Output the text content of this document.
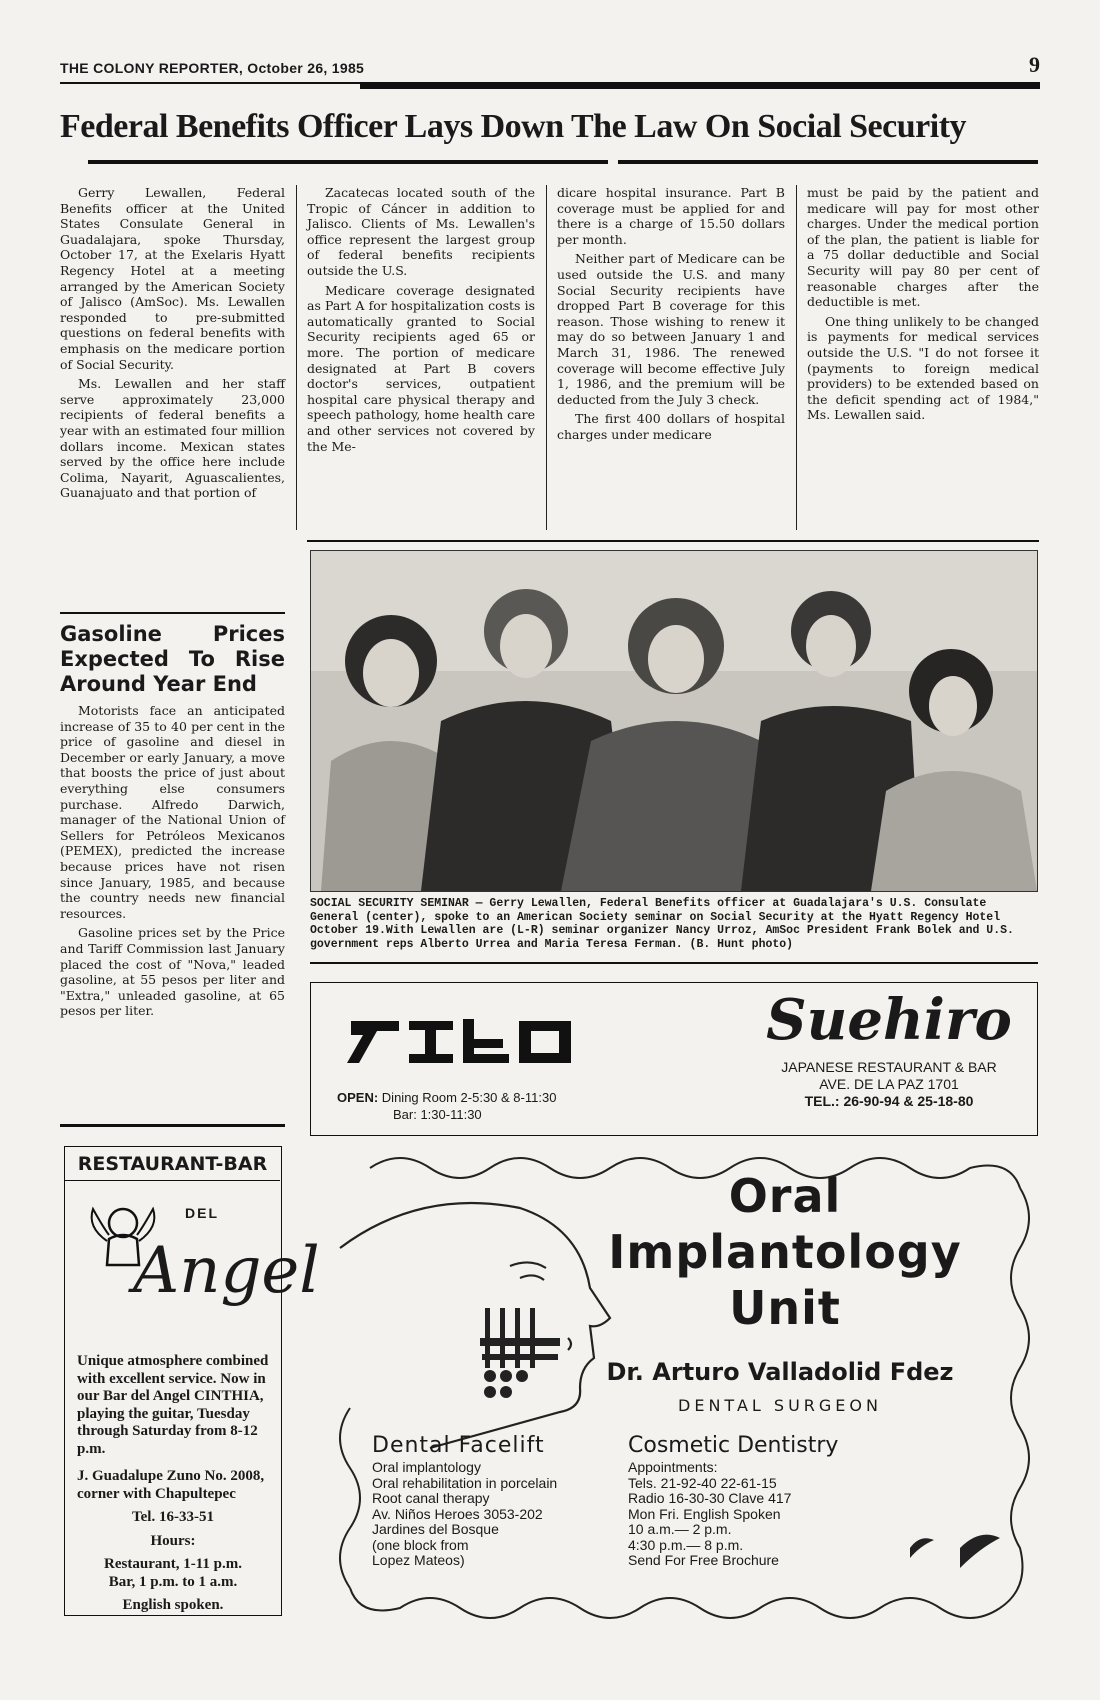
THE COLONY REPORTER, October 26, 1985	9
Federal Benefits Officer Lays Down The Law On Social Security

Gerry Lewallen, Federal Benefits officer at the United States Consulate General in Guadalajara, spoke Thursday, October 17, at the Exelaris Hyatt Regency Hotel at a meeting arranged by the American Society of Jalisco (AmSoc). Ms. Lewallen responded to pre-submitted questions on federal benefits with emphasis on the medicare portion of Social Security.

Ms. Lewallen and her staff serve approximately 23,000 recipients of federal benefits a year with an estimated four million dollars income. Mexican states served by the office here include Colima, Nayarit, Aguascalientes, Guanajuato and that portion of

Zacatecas located south of the Tropic of Cáncer in addition to Jalisco. Clients of Ms. Lewallen's office represent the largest group of federal benefits recipients outside the U.S.

Medicare coverage designated as Part A for hospitalization costs is automatically granted to Social Security recipients aged 65 or more. The portion of medicare designated at Part B covers doctor's services, outpatient hospital care physical therapy and speech pathology, home health care and other services not covered by the Me-

dicare hospital insurance. Part B coverage must be applied for and there is a charge of 15.50 dollars per month.

Neither part of Medicare can be used outside the U.S. and many Social Security recipients have dropped Part B coverage for this reason. Those wishing to renew it may do so between January 1 and March 31, 1986. The renewed coverage will become effective July 1, 1986, and the premium will be deducted from the July 3 check.

The first 400 dollars of hospital charges under medicare

must be paid by the patient and medicare will pay for most other charges. Under the medical portion of the plan, the patient is liable for a 75 dollar deductible and Social Security will pay 80 per cent of reasonable charges after the deductible is met.

One thing unlikely to be changed is payments for medical services outside the U.S. "I do not forsee it (payments to foreign medical providers) to be extended based on the deficit spending act of 1984," Ms. Lewallen said.

Gasoline Prices Expected To Rise Around Year End

Motorists face an anticipated increase of 35 to 40 per cent in the price of gasoline and diesel in December or early January, a move that boosts the price of just about everything else consumers purchase. Alfredo Darwich, manager of the National Union of Sellers for Petróleos Mexicanos (PEMEX), predicted the increase because prices have not risen since January, 1985, and because the country needs new financial resources.

Gasoline prices set by the Price and Tariff Commission last January placed the cost of "Nova," leaded gasoline, at 55 pesos per liter and "Extra," unleaded gasoline, at 65 pesos per liter.

SOCIAL SECURITY SEMINAR — Gerry Lewallen, Federal Benefits officer at Guadalajara's U.S. Consulate General (center), spoke to an American Society seminar on Social Security at the Hyatt Regency Hotel October 19.With Lewallen are (L-R) seminar organizer Nancy Urroz, AmSoc President Frank Bolek and U.S. government reps Alberto Urrea and Maria Teresa Ferman. (B. Hunt photo)
Suehiro
JAPANESE RESTAURANT & BAR
AVE. DE LA PAZ 1701
TEL.: 26-90-94 & 25-18-80
OPEN: Dining Room 2-5:30 & 8-11:30
Bar: 1:30-11:30
RESTAURANT-BAR
DEL
Angel
Unique atmosphere combined with excellent service. Now in our Bar del Angel CINTHIA, playing the guitar, Tuesday through Saturday from 8-12 p.m.
J. Guadalupe Zuno No. 2008, corner with Chapultepec
Tel. 16-33-51
Hours:
Restaurant, 1-11 p.m.
Bar, 1 p.m. to 1 a.m.
English spoken.
Oral
Implantology
Unit
Dr. Arturo Valladolid Fdez
DENTAL SURGEON
Dental Facelift
Oral implantology
Oral rehabilitation in porcelain
Root canal therapy
Av. Niños Heroes 3053-202
Jardines del Bosque
(one block from
Lopez Mateos)
Cosmetic Dentistry
Appointments:
Tels. 21-92-40 22-61-15
Radio 16-30-30 Clave 417
Mon Fri. English Spoken
10 a.m.— 2 p.m.
4:30 p.m.— 8 p.m.
Send For Free Brochure
